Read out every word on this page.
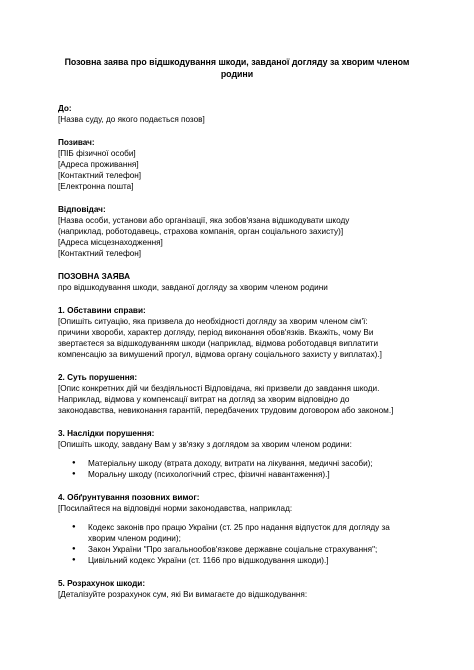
Позовна заява про відшкодування шкоди, завданої догляду за хворим членом родини

До:

[Назва суду, до якого подається позов]

Позивач:

[ПІБ фізичної особи]

[Адреса проживання]

[Контактний телефон]

[Електронна пошта]

Відповідач:

[Назва особи, установи або організації, яка зобов'язана відшкодувати шкоду

(наприклад, роботодавець, страхова компанія, орган соціального захисту)]

[Адреса місцезнаходження]

[Контактний телефон]

ПОЗОВНА ЗАЯВА

про відшкодування шкоди, завданої догляду за хворим членом родини

1. Обставини справи:

[Опишіть ситуацію, яка призвела до необхідності догляду за хворим членом сім'ї:

причини хвороби, характер догляду, період виконання обов'язків. Вкажіть, чому Ви

звертаєтеся за відшкодуванням шкоди (наприклад, відмова роботодавця виплатити

компенсацію за вимушений прогул, відмова органу соціального захисту у виплатах).]

2. Суть порушення:

[Опис конкретних дій чи бездіяльності Відповідача, які призвели до завдання шкоди.

Наприклад, відмова у компенсації витрат на догляд за хворим відповідно до

законодавства, невиконання гарантій, передбачених трудовим договором або законом.]

3. Наслідки порушення:

[Опишіть шкоду, завдану Вам у зв'язку з доглядом за хворим членом родини:

● Матеріальну шкоду (втрата доходу, витрати на лікування, медичні засоби);
● Моральну шкоду (психологічний стрес, фізичні навантаження).]

4. Обґрунтування позовних вимог:

[Посилайтеся на відповідні норми законодавства, наприклад:

● Кодекс законів про працю України (ст. 25 про надання відпусток для догляду за
хворим членом родини);
● Закон України "Про загальнообов'язкове державне соціальне страхування";
● Цивільний кодекс України (ст. 1166 про відшкодування шкоди).]

5. Розрахунок шкоди:

[Деталізуйте розрахунок сум, які Ви вимагаєте до відшкодування:
